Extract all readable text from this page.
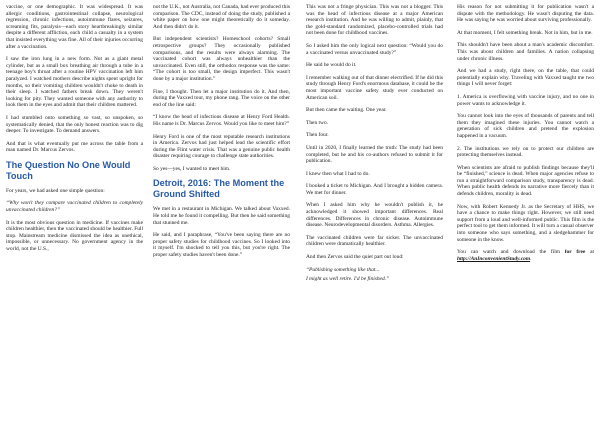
vaccine, or one demographic. It was widespread. It was allergic conditions, gastrointestinal collapse, neurological regression, chronic infections, autoimmune flares, seizures, screaming fits, paralysis—each story heartbreakingly similar despite a different affliction, each child a casualty in a system that insisted everything was fine. All of their injuries occurring after a vaccination.

I saw the iron lung in a new form. Not as a giant metal cylinder, but as a small box breathing air through a tube in a teenage boy's throat after a routine HPV vaccination left him paralyzed. I watched mothers describe nights spent upright for months, so their vomiting children wouldn't choke to death in their sleep. I watched fathers break down. They weren't looking for pity. They wanted someone with any authority to look them in the eyes and admit that their children mattered.

I had stumbled onto something so vast, so unspoken, so systematically denied, that the only honest reaction was to dig deeper. To investigate. To demand answers.

And that is what eventually put me across the table from a man named Dr. Marcus Zervos.

The Question No One Would Touch

For years, we had asked one simple question:

“Why won't they compare vaccinated children to completely unvaccinated children?”

It is the most obvious question in medicine. If vaccines make children healthier, then the vaccinated should be healthier. Full stop. Mainstream medicine dismissed the idea as unethical, impossible, or unnecessary. No government agency in the world, not the U.S.,

not the U.K., not Australia, not Canada, had ever produced this comparison. The CDC, instead of doing the study, published a white paper on how one might theoretically do it someday. And then didn't do it.

But independent scientists? Homeschool cohorts? Small retrospective groups? They occasionally published comparisons, and the results were always alarming. The vaccinated cohort was always unhealthier than the unvaccinated. Even still, the orthodox response was the same: “The cohort is too small, the design imperfect. This wasn't done by a major institution.”

Fine, I thought. Then let a major institution do it. And then, during the Vaxxed tour, my phone rang. The voice on the other end of the line said:

“I know the head of infectious disease at Henry Ford Health. His name is Dr. Marcus Zervos. Would you like to meet him?”

Henry Ford is one of the most reputable research institutions in America. Zervos had just helped lead the scientific effort during the Flint water crisis. That was a genuine public health disaster requiring courage to challenge state authorities.

So yes—yes, I wanted to meet him.

Detroit, 2016: The Moment the Ground Shifted

We met in a restaurant in Michigan. We talked about Vaxxed. He told me he found it compelling. But then he said something that stunned me.

He said, and I paraphrase, “You've been saying there are no proper safety studies for childhood vaccines. So I looked into it myself. I'm shocked to tell you this, but you're right. The proper safety studies haven't been done.”

This was not a fringe physician. This was not a blogger. This was the head of infectious disease at a major American research institution. And he was willing to admit, plainly, that the gold-standard randomized, placebo-controlled trials had not been done for childhood vaccines.

So I asked him the only logical next question: “Would you do a vaccinated versus unvaccinated study?”

He said he would do it.

I remember walking out of that dinner electrified. If he did this study through Henry Ford's enormous database, it could be the most important vaccine safety study ever conducted on American soil.

But then came the waiting. One year.

Then two.

Then four.

Until in 2020, I finally learned the truth: The study had been completed, but he and his co-authors refused to submit it for publication.

I knew then what I had to do.

I booked a ticket to Michigan. And I brought a hidden camera. We met for dinner.

When I asked him why he wouldn't publish it, he acknowledged it showed important differences. Real differences. Differences in chronic disease. Autoimmune disease. Neurodevelopmental disorders. Asthma. Allergies.

The vaccinated children were far sicker. The unvaccinated children were dramatically healthier.

And then Zervos said the quiet part out loud:

“Publishing something like that...

I might as well retire. I'd be finished.”

His reason for not submitting it for publication wasn't a dispute with the methodology. He wasn't disputing the data. He was saying he was worried about surviving professionally.

At that moment, I felt something break. Not in him, but in me.

This shouldn't have been about a man's academic discomfort. This was about children and families. A nation collapsing under chronic illness.

And we had a study, right there, on the table, that could potentially explain why. Traveling with Vaxxed taught me two things I will never forget:

1. America is overflowing with vaccine injury, and no one in power wants to acknowledge it.

You cannot look into the eyes of thousands of parents and tell them they imagined these injuries. You cannot watch a generation of sick children and pretend the explosion happened in a vacuum.

2. The institutions we rely on to protect our children are protecting themselves instead.

When scientists are afraid to publish findings because they'll be “finished,” science is dead. When major agencies refuse to run a straightforward comparison study, transparency is dead. When public health defends its narrative more fiercely than it defends children, morality is dead.

Now, with Robert Kennedy Jr. as the Secretary of HHS, we have a chance to make things right. However, we still need support from a loud and well-informed public. This film is the perfect tool to get them informed. It will turn a casual observer into someone who says something, and a sledgehammer for someone in the know.

You can watch and download the film for free at http://AnInconvenientStudy.com.
